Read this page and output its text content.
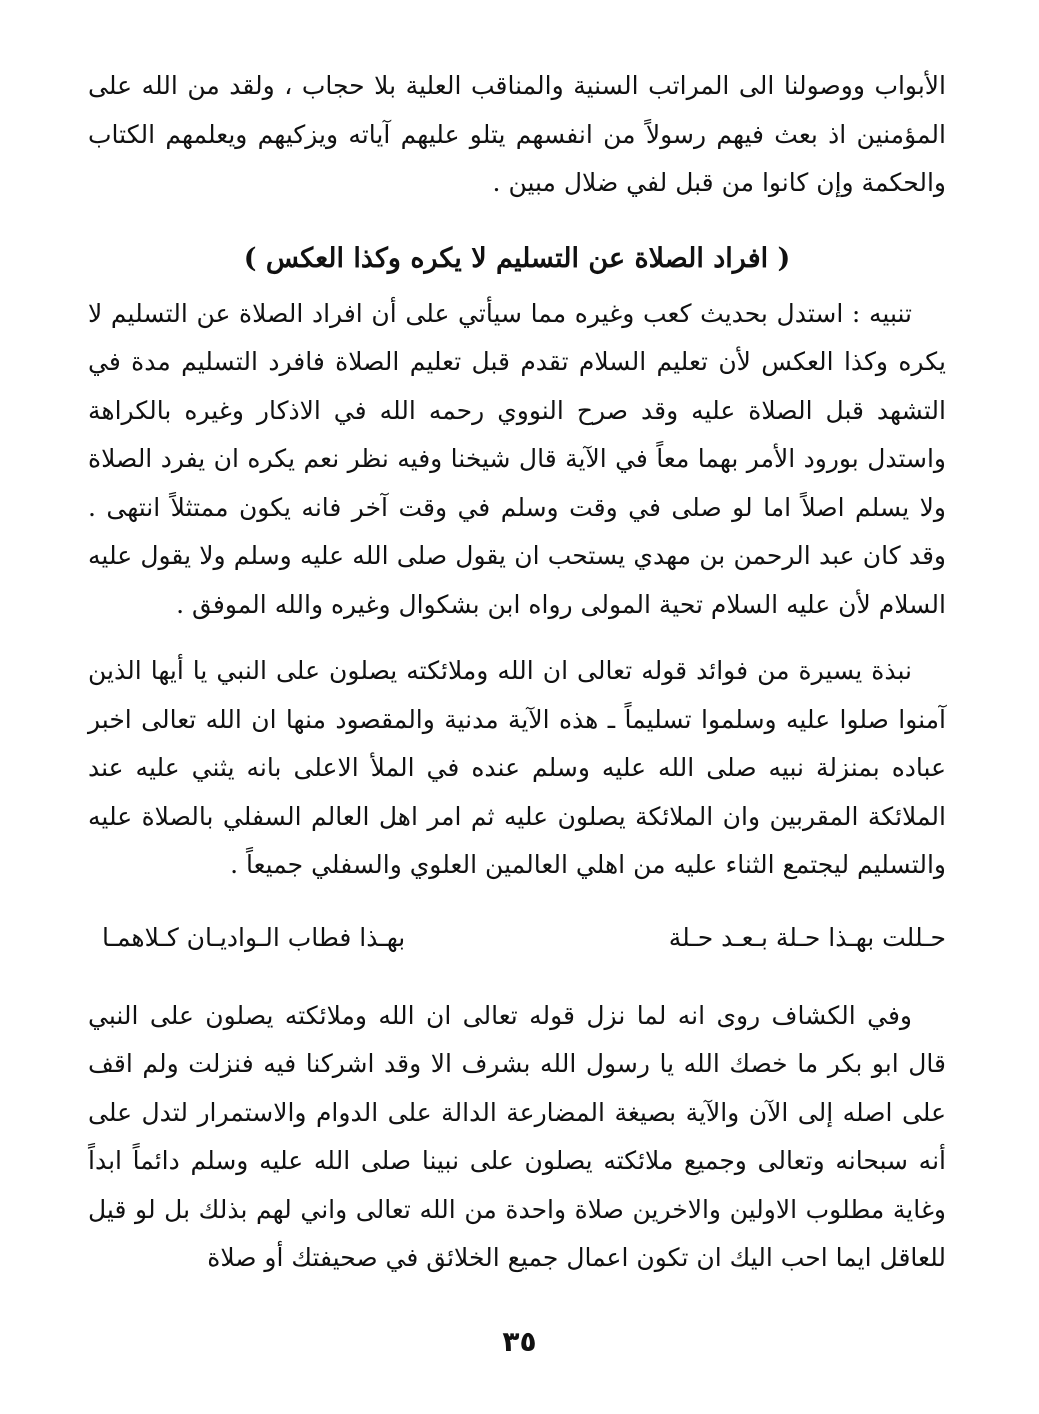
الأبواب ووصولنا الى المراتب السنية والمناقب العلية بلا حجاب ، ولقد من الله على المؤمنين اذ بعث فيهم رسولاً من انفسهم يتلو عليهم آياته ويزكيهم ويعلمهم الكتاب والحكمة وإن كانوا من قبل لفي ضلال مبين .

( افراد الصلاة عن التسليم لا يكره وكذا العكس )

تنبيه : استدل بحديث كعب وغيره مما سيأتي على أن افراد الصلاة عن التسليم لا يكره وكذا العكس لأن تعليم السلام تقدم قبل تعليم الصلاة فافرد التسليم مدة في التشهد قبل الصلاة عليه وقد صرح النووي رحمه الله في الاذكار وغيره بالكراهة واستدل بورود الأمر بهما معاً في الآية قال شيخنا وفيه نظر نعم يكره ان يفرد الصلاة ولا يسلم اصلاً اما لو صلى في وقت وسلم في وقت آخر فانه يكون ممتثلاً انتهى . وقد كان عبد الرحمن بن مهدي يستحب ان يقول صلى الله عليه وسلم ولا يقول عليه السلام لأن عليه السلام تحية المولى رواه ابن بشكوال وغيره والله الموفق .

نبذة يسيرة من فوائد قوله تعالى ان الله وملائكته يصلون على النبي يا أيها الذين آمنوا صلوا عليه وسلموا تسليماً ـ هذه الآية مدنية والمقصود منها ان الله تعالى اخبر عباده بمنزلة نبيه صلى الله عليه وسلم عنده في الملأ الاعلى بانه يثني عليه عند الملائكة المقربين وان الملائكة يصلون عليه ثم امر اهل العالم السفلي بالصلاة عليه والتسليم ليجتمع الثناء عليه من اهلي العالمين العلوي والسفلي جميعاً .

حـللت بهـذا حـلة بـعـد حـلة
بهـذا فطاب الـواديـان كـلاهمـا

وفي الكشاف روى انه لما نزل قوله تعالى ان الله وملائكته يصلون على النبي قال ابو بكر ما خصك الله يا رسول الله بشرف الا وقد اشركنا فيه فنزلت ولم اقف على اصله إلى الآن والآية بصيغة المضارعة الدالة على الدوام والاستمرار لتدل على أنه سبحانه وتعالى وجميع ملائكته يصلون على نبينا صلى الله عليه وسلم دائماً ابداً وغاية مطلوب الاولين والاخرين صلاة واحدة من الله تعالى واني لهم بذلك بل لو قيل للعاقل ايما احب اليك ان تكون اعمال جميع الخلائق في صحيفتك أو صلاة

٣٥
